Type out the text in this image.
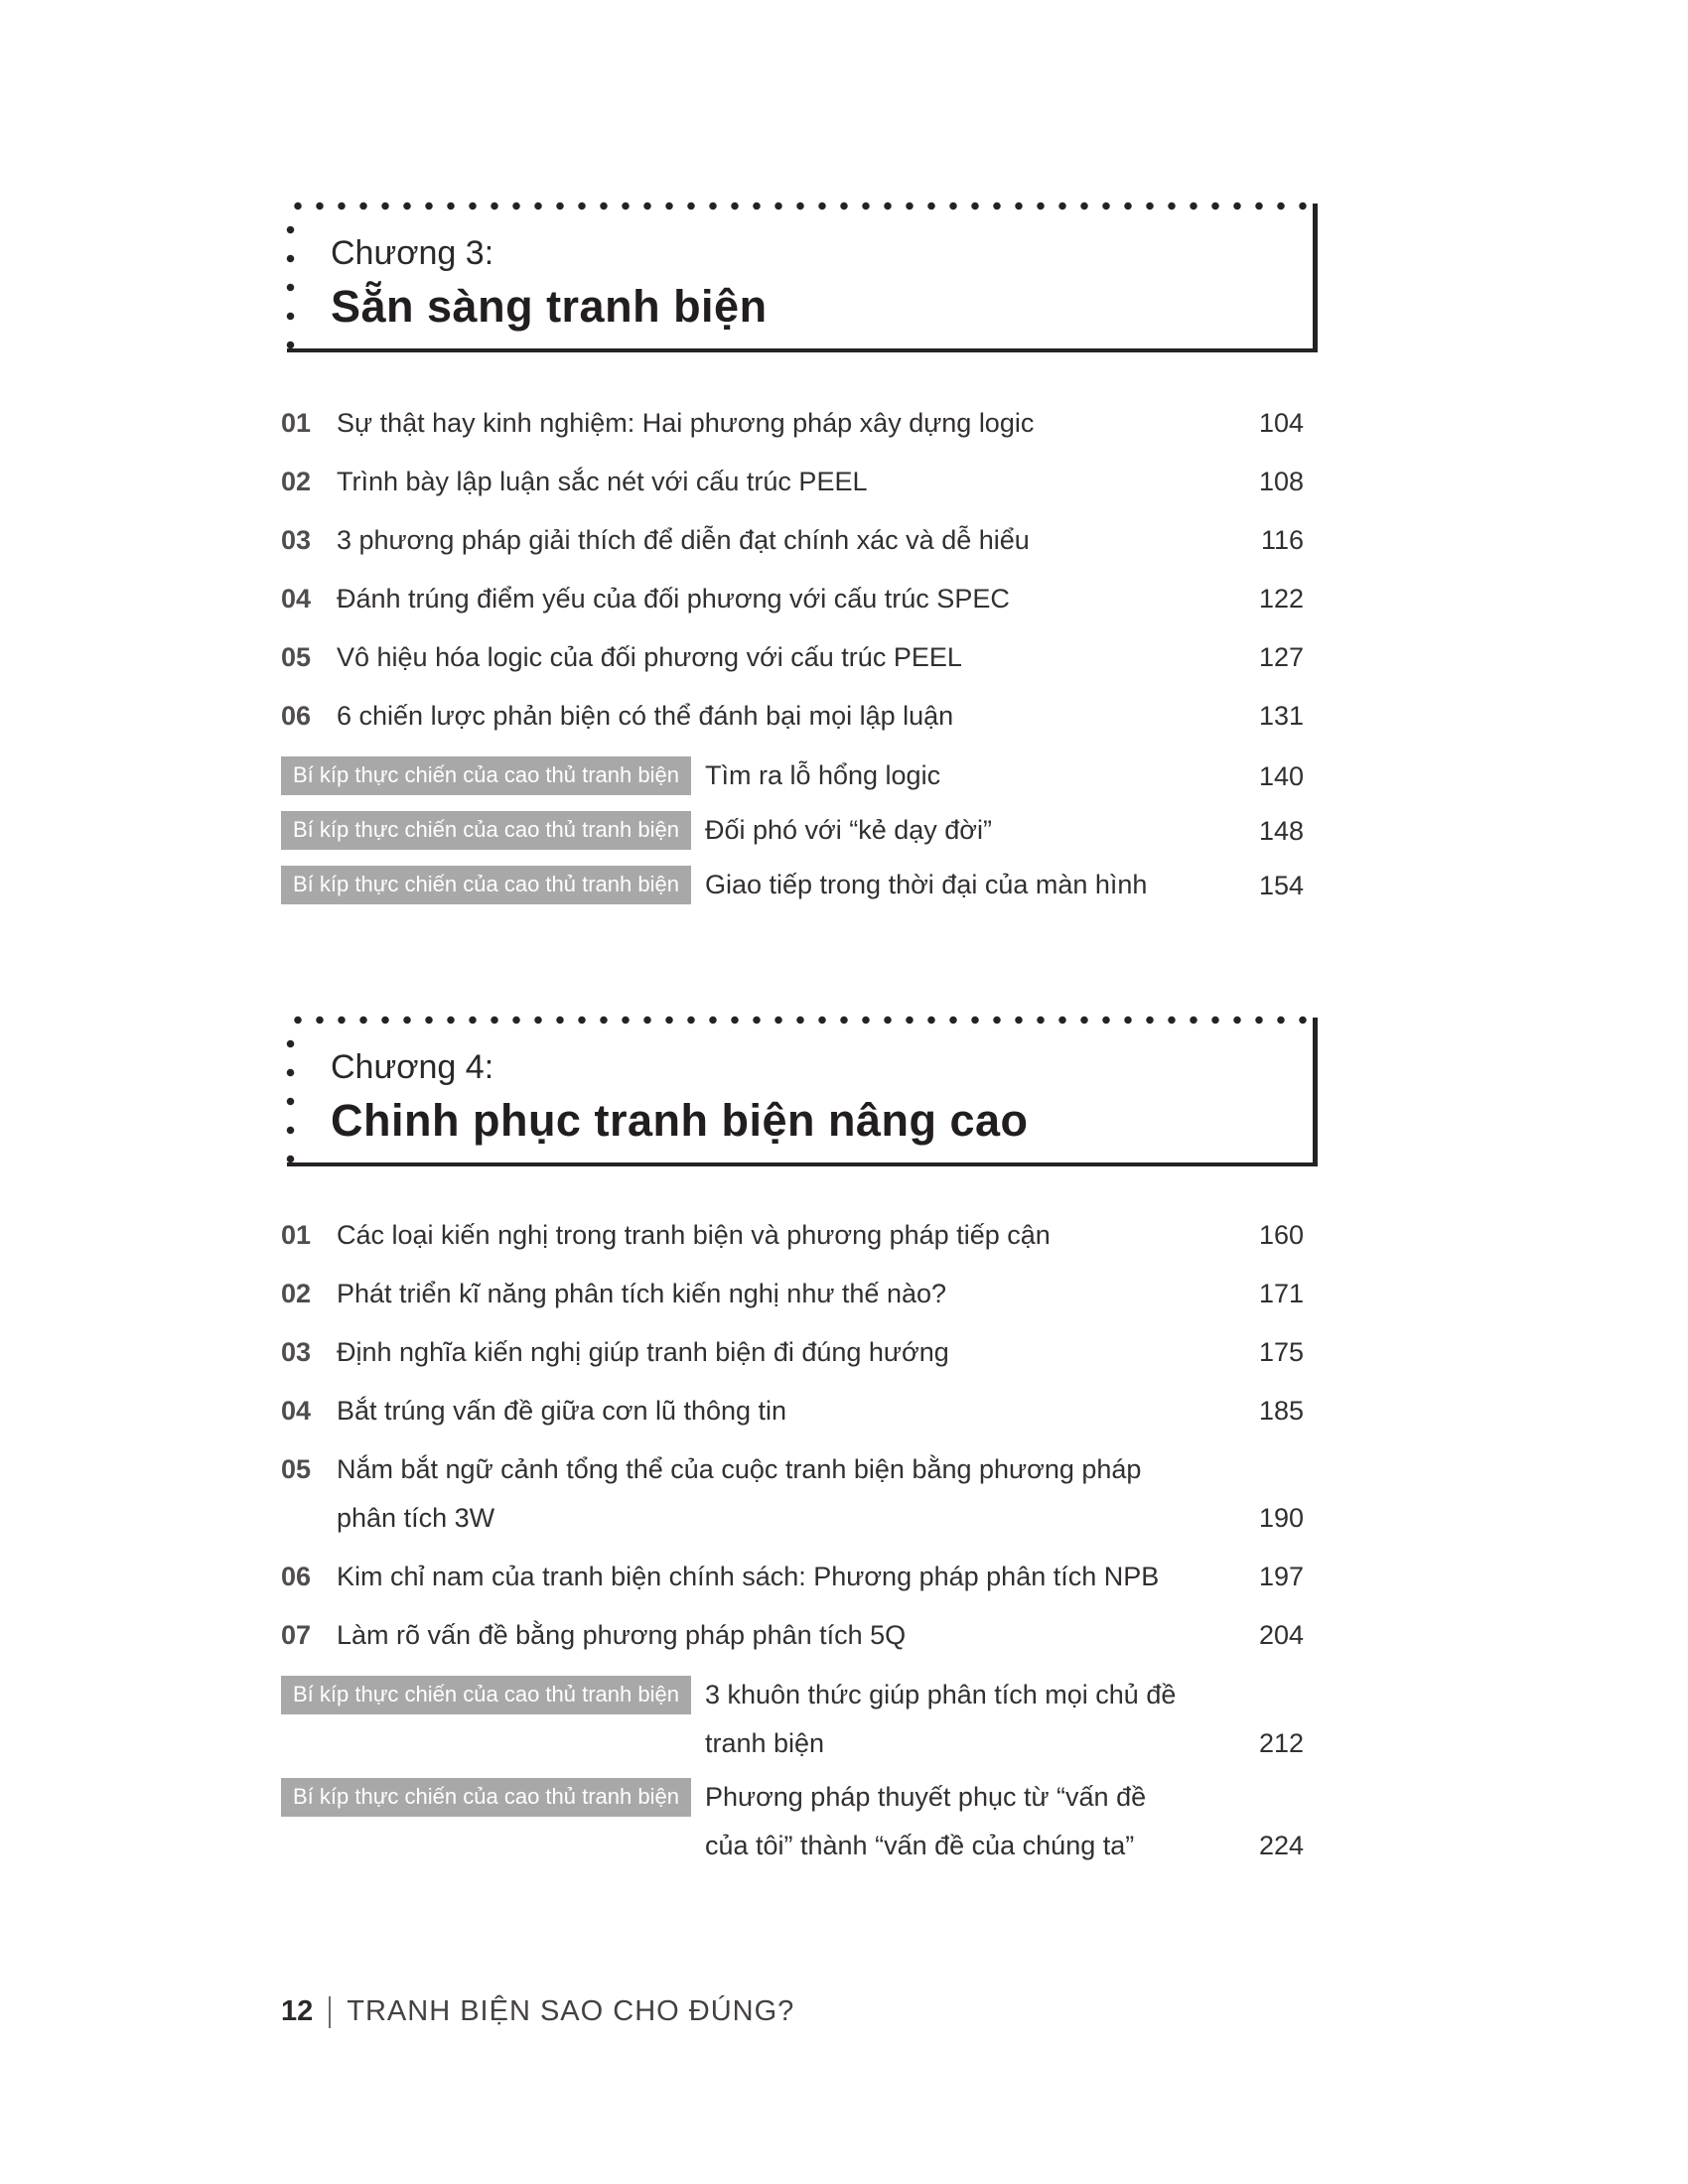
Chương 3:

Sẵn sàng tranh biện

01 Sự thật hay kinh nghiệm: Hai phương pháp xây dựng logic	104
02 Trình bày lập luận sắc nét với cấu trúc PEEL	108
03 3 phương pháp giải thích để diễn đạt chính xác và dễ hiểu	116
04 Đánh trúng điểm yếu của đối phương với cấu trúc SPEC	122
05 Vô hiệu hóa logic của đối phương với cấu trúc PEEL	127
06 6 chiến lược phản biện có thể đánh bại mọi lập luận	131
Bí kíp thực chiến của cao thủ tranh biện Tìm ra lỗ hổng logic	140
Bí kíp thực chiến của cao thủ tranh biện Đối phó với “kẻ dạy đời”	148
Bí kíp thực chiến của cao thủ tranh biện Giao tiếp trong thời đại của màn hình	154

Chương 4:

Chinh phục tranh biện nâng cao

01 Các loại kiến nghị trong tranh biện và phương pháp tiếp cận	160
02 Phát triển kĩ năng phân tích kiến nghị như thế nào?	171
03 Định nghĩa kiến nghị giúp tranh biện đi đúng hướng	175
04 Bắt trúng vấn đề giữa cơn lũ thông tin	185
05 Nắm bắt ngữ cảnh tổng thể của cuộc tranh biện bằng phương pháp
phân tích 3W	190
06 Kim chỉ nam của tranh biện chính sách: Phương pháp phân tích NPB	197
07 Làm rõ vấn đề bằng phương pháp phân tích 5Q	204
Bí kíp thực chiến của cao thủ tranh biện 3 khuôn thức giúp phân tích mọi chủ đề
tranh biện	212
Bí kíp thực chiến của cao thủ tranh biện Phương pháp thuyết phục từ “vấn đề
của tôi” thành “vấn đề của chúng ta”	224
12 TRANH BIỆN SAO CHO ĐÚNG?
